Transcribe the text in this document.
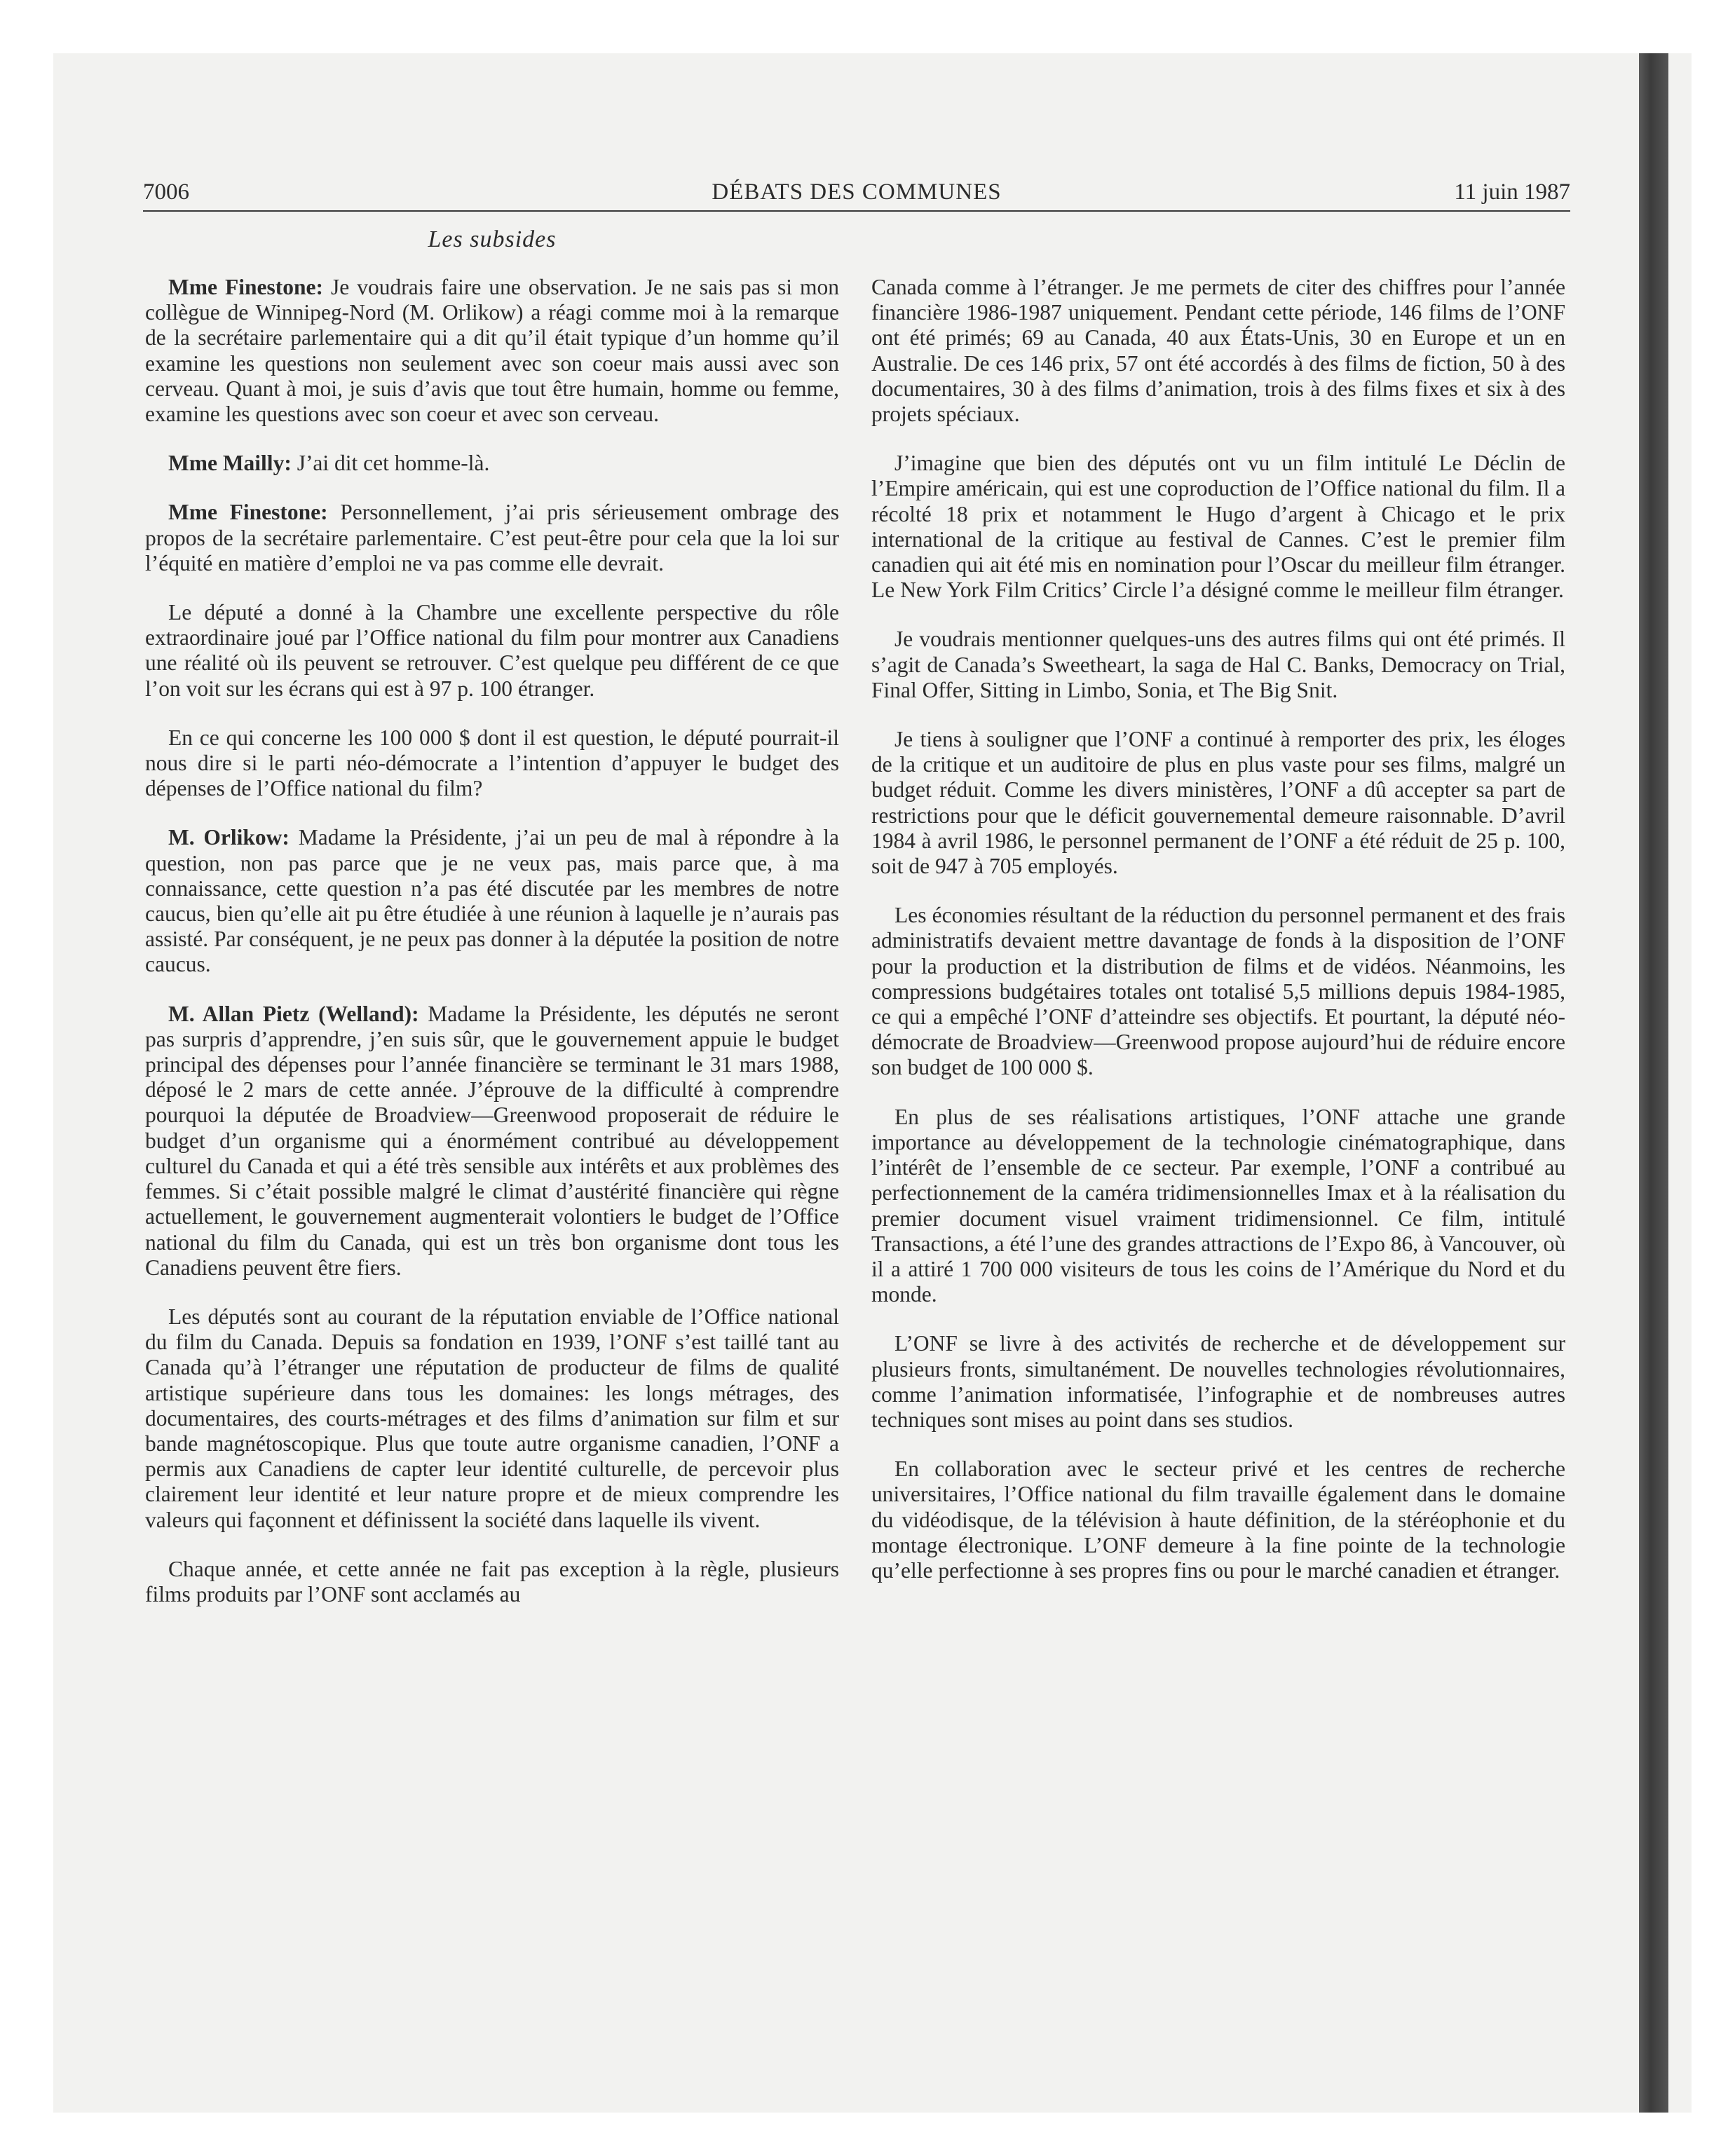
7006	DÉBATS DES COMMUNES	11 juin 1987
Les subsides

Mme Finestone: Je voudrais faire une observation. Je ne sais pas si mon collègue de Winnipeg-Nord (M. Orlikow) a réagi comme moi à la remarque de la secrétaire parlementaire qui a dit qu’il était typique d’un homme qu’il examine les questions non seulement avec son coeur mais aussi avec son cerveau. Quant à moi, je suis d’avis que tout être humain, homme ou femme, examine les questions avec son coeur et avec son cerveau.

Mme Mailly: J’ai dit cet homme-là.

Mme Finestone: Personnellement, j’ai pris sérieusement ombrage des propos de la secrétaire parlementaire. C’est peut-être pour cela que la loi sur l’équité en matière d’emploi ne va pas comme elle devrait.

Le député a donné à la Chambre une excellente perspective du rôle extraordinaire joué par l’Office national du film pour montrer aux Canadiens une réalité où ils peuvent se retrouver. C’est quelque peu différent de ce que l’on voit sur les écrans qui est à 97 p. 100 étranger.

En ce qui concerne les 100 000 $ dont il est question, le député pourrait-il nous dire si le parti néo-démocrate a l’intention d’appuyer le budget des dépenses de l’Office national du film?

M. Orlikow: Madame la Présidente, j’ai un peu de mal à répondre à la question, non pas parce que je ne veux pas, mais parce que, à ma connaissance, cette question n’a pas été discutée par les membres de notre caucus, bien qu’elle ait pu être étudiée à une réunion à laquelle je n’aurais pas assisté. Par conséquent, je ne peux pas donner à la députée la position de notre caucus.

M. Allan Pietz (Welland): Madame la Présidente, les députés ne seront pas surpris d’apprendre, j’en suis sûr, que le gouvernement appuie le budget principal des dépenses pour l’année financière se terminant le 31 mars 1988, déposé le 2 mars de cette année. J’éprouve de la difficulté à comprendre pourquoi la députée de Broadview—Greenwood proposerait de réduire le budget d’un organisme qui a énormément contribué au développement culturel du Canada et qui a été très sensible aux intérêts et aux problèmes des femmes. Si c’était possible malgré le climat d’austérité financière qui règne actuellement, le gouvernement augmenterait volontiers le budget de l’Office national du film du Canada, qui est un très bon organisme dont tous les Canadiens peuvent être fiers.

Les députés sont au courant de la réputation enviable de l’Office national du film du Canada. Depuis sa fondation en 1939, l’ONF s’est taillé tant au Canada qu’à l’étranger une réputation de producteur de films de qualité artistique supérieure dans tous les domaines: les longs métrages, des documentaires, des courts-métrages et des films d’animation sur film et sur bande magnétoscopique. Plus que toute autre organisme canadien, l’ONF a permis aux Canadiens de capter leur identité culturelle, de percevoir plus clairement leur identité et leur nature propre et de mieux comprendre les valeurs qui façonnent et définissent la société dans laquelle ils vivent.

Chaque année, et cette année ne fait pas exception à la règle, plusieurs films produits par l’ONF sont acclamés au

Canada comme à l’étranger. Je me permets de citer des chiffres pour l’année financière 1986-1987 uniquement. Pendant cette période, 146 films de l’ONF ont été primés; 69 au Canada, 40 aux États-Unis, 30 en Europe et un en Australie. De ces 146 prix, 57 ont été accordés à des films de fiction, 50 à des documentaires, 30 à des films d’animation, trois à des films fixes et six à des projets spéciaux.

J’imagine que bien des députés ont vu un film intitulé Le Déclin de l’Empire américain, qui est une coproduction de l’Office national du film. Il a récolté 18 prix et notamment le Hugo d’argent à Chicago et le prix international de la critique au festival de Cannes. C’est le premier film canadien qui ait été mis en nomination pour l’Oscar du meilleur film étranger. Le New York Film Critics’ Circle l’a désigné comme le meilleur film étranger.

Je voudrais mentionner quelques-uns des autres films qui ont été primés. Il s’agit de Canada’s Sweetheart, la saga de Hal C. Banks, Democracy on Trial, Final Offer, Sitting in Limbo, Sonia, et The Big Snit.

Je tiens à souligner que l’ONF a continué à remporter des prix, les éloges de la critique et un auditoire de plus en plus vaste pour ses films, malgré un budget réduit. Comme les divers ministères, l’ONF a dû accepter sa part de restrictions pour que le déficit gouvernemental demeure raisonnable. D’avril 1984 à avril 1986, le personnel permanent de l’ONF a été réduit de 25 p. 100, soit de 947 à 705 employés.

Les économies résultant de la réduction du personnel permanent et des frais administratifs devaient mettre davantage de fonds à la disposition de l’ONF pour la production et la distribution de films et de vidéos. Néanmoins, les compressions budgétaires totales ont totalisé 5,5 millions depuis 1984-1985, ce qui a empêché l’ONF d’atteindre ses objectifs. Et pourtant, la député néo-démocrate de Broadview—Greenwood propose aujourd’hui de réduire encore son budget de 100 000 $.

En plus de ses réalisations artistiques, l’ONF attache une grande importance au développement de la technologie cinématographique, dans l’intérêt de l’ensemble de ce secteur. Par exemple, l’ONF a contribué au perfectionnement de la caméra tridimensionnelles Imax et à la réalisation du premier document visuel vraiment tridimensionnel. Ce film, intitulé Transactions, a été l’une des grandes attractions de l’Expo 86, à Vancouver, où il a attiré 1 700 000 visiteurs de tous les coins de l’Amérique du Nord et du monde.

L’ONF se livre à des activités de recherche et de développement sur plusieurs fronts, simultanément. De nouvelles technologies révolutionnaires, comme l’animation informatisée, l’infographie et de nombreuses autres techniques sont mises au point dans ses studios.

En collaboration avec le secteur privé et les centres de recherche universitaires, l’Office national du film travaille également dans le domaine du vidéodisque, de la télévision à haute définition, de la stéréophonie et du montage électronique. L’ONF demeure à la fine pointe de la technologie qu’elle perfectionne à ses propres fins ou pour le marché canadien et étranger.
